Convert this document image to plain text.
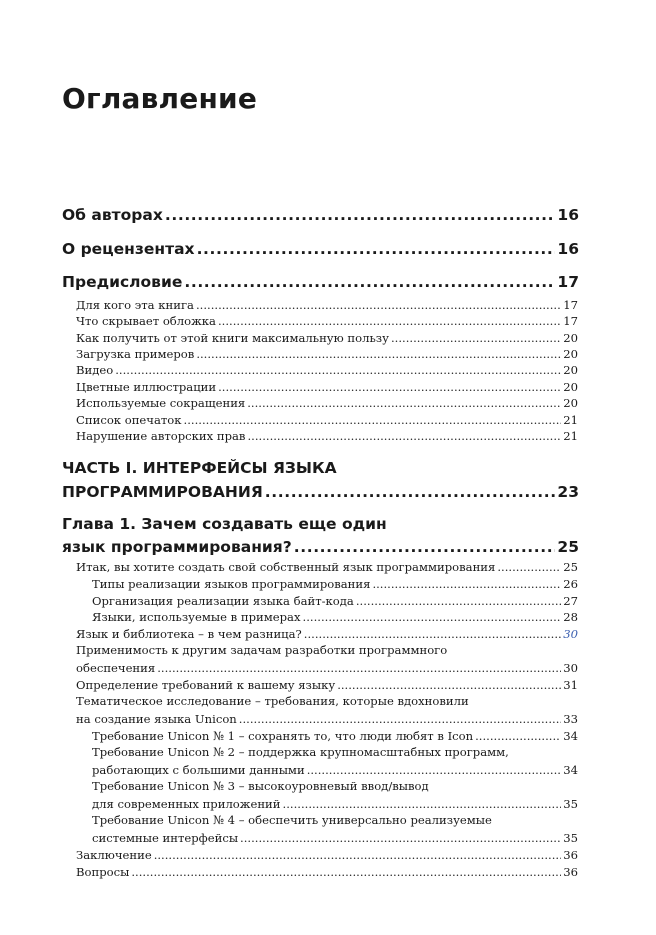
Оглавление
Об авторах .....	16
О рецензентах .....	16
Предисловие .....	17
Для кого эта книга .....	17
Что скрывает обложка .....	17
Как получить от этой книги максимальную пользу .....	20
Загрузка примеров .....	20
Видео .....	20
Цветные иллюстрации .....	20
Используемые сокращения .....	20
Список опечаток .....	21
Нарушение авторских прав .....	21
ЧАСТЬ I. ИНТЕРФЕЙСЫ ЯЗЫКА
ПРОГРАММИРОВАНИЯ .....	23
Глава 1. Зачем создавать еще один
язык программирования? .....	25
Итак, вы хотите создать свой собственный язык программирования .....	25
Типы реализации языков программирования .....	26
Организация реализации языка байт-кода .....	27
Языки, используемые в примерах .....	28
Язык и библиотека – в чем разница? .....	30
Применимость к другим задачам разработки программного
обеспечения .....	30
Определение требований к вашему языку .....	31
Тематическое исследование – требования, которые вдохновили
на создание языка Unicon .....	33
Требование Unicon № 1 – сохранять то, что люди любят в Icon .....	34
Требование Unicon № 2 – поддержка крупномасштабных программ,
работающих с большими данными .....	34
Требование Unicon № 3 – высокоуровневый ввод/вывод
для современных приложений .....	35
Требование Unicon № 4 – обеспечить универсально реализуемые
системные интерфейсы .....	35
Заключение .....	36
Вопросы .....	36
